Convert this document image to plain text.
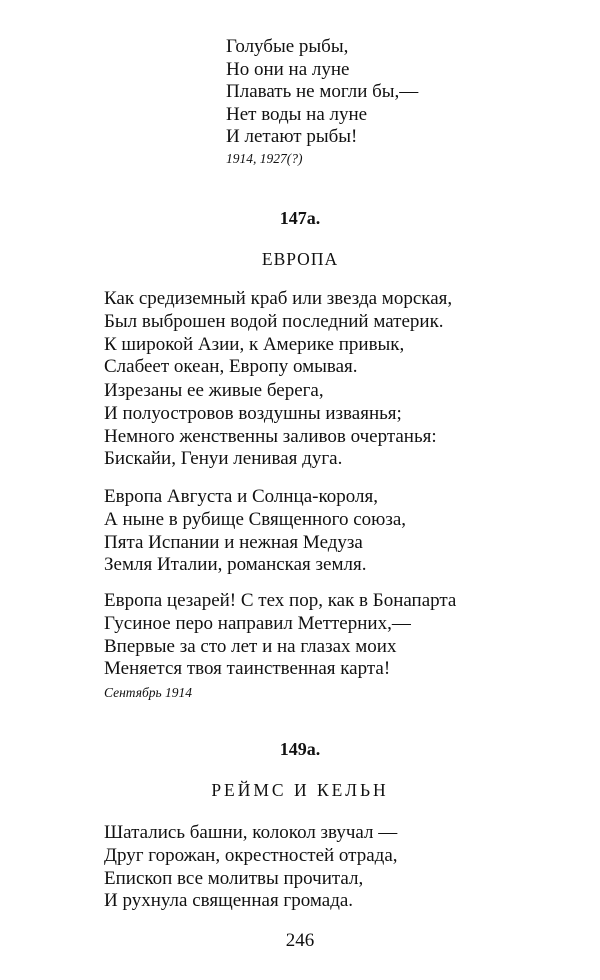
Голубые рыбы,
Но они на луне
Плавать не могли бы,—
Нет воды на луне
И летают рыбы!
1914, 1927(?)
147a.
ЕВРОПА
Как средиземный краб или звезда морская,
Был выброшен водой последний материк.
К широкой Азии, к Америке привык,
Слабеет океан, Европу омывая.
Изрезаны ее живые берега,
И полуостровов воздушны изваянья;
Немного женственны заливов очертанья:
Бискайи, Генуи ленивая дуга.
Европа Августа и Солнца-короля,
А ныне в рубище Священного союза,
Пята Испании и нежная Медуза
Земля Италии, романская земля.
Европа цезарей! С тех пор, как в Бонапарта
Гусиное перо направил Меттерних,—
Впервые за сто лет и на глазах моих
Меняется твоя таинственная карта!
Сентябрь 1914
149a.
РЕЙМС И КЕЛЬН
Шатались башни, колокол звучал —
Друг горожан, окрестностей отрада,
Епископ все молитвы прочитал,
И рухнула священная громада.
246
